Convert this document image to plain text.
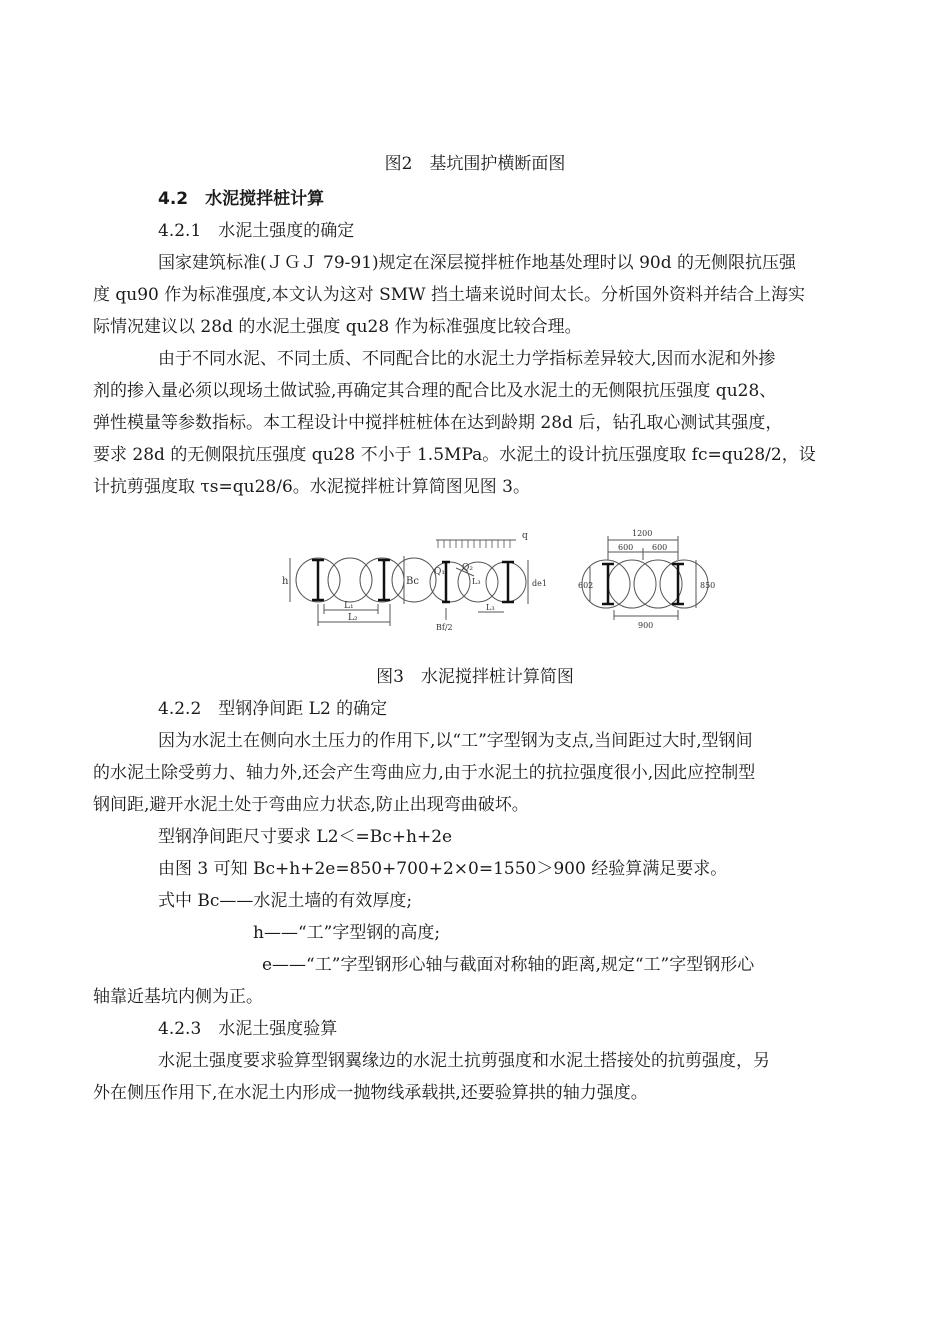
图2　基坑围护横断面图
4.2　水泥搅拌桩计算
4.2.1　水泥土强度的确定
国家建筑标准(ＪＧＪ 79-91)规定在深层搅拌桩作地基处理时以 90d 的无侧限抗压强
度 qu90 作为标准强度,本文认为这对 SMW 挡土墙来说时间太长。分析国外资料并结合上海实
际情况建议以 28d 的水泥土强度 qu28 作为标准强度比较合理。
由于不同水泥、不同土质、不同配合比的水泥土力学指标差异较大,因而水泥和外掺
剂的掺入量必须以现场土做试验,再确定其合理的配合比及水泥土的无侧限抗压强度 qu28、
弹性模量等参数指标。本工程设计中搅拌桩桩体在达到龄期 28d 后，钻孔取心测试其强度，
要求 28d 的无侧限抗压强度 qu28 不小于 1.5MPa。水泥土的设计抗压强度取 fc=qu28/2，设
计抗剪强度取 τs=qu28/6。水泥搅拌桩计算简图见图 3。
h	Bc
L₁
L₂
q
Q₁ Q₂
L₃
L₃
de1
Bf/2
1200
600 600
602	850
900
图3　水泥搅拌桩计算简图
4.2.2　型钢净间距 L2 的确定
因为水泥土在侧向水土压力的作用下,以“工”字型钢为支点,当间距过大时,型钢间
的水泥土除受剪力、轴力外,还会产生弯曲应力,由于水泥土的抗拉强度很小,因此应控制型
钢间距,避开水泥土处于弯曲应力状态,防止出现弯曲破坏。
型钢净间距尺寸要求 L2＜=Bc+h+2e
由图 3 可知 Bc+h+2e=850+700+2×0=1550＞900 经验算满足要求。
式中 Bc——水泥土墙的有效厚度;
h——“工”字型钢的高度;
e——“工”字型钢形心轴与截面对称轴的距离,规定“工”字型钢形心
轴靠近基坑内侧为正。
4.2.3　水泥土强度验算
水泥土强度要求验算型钢翼缘边的水泥土抗剪强度和水泥土搭接处的抗剪强度，另
外在侧压作用下,在水泥土内形成一抛物线承载拱,还要验算拱的轴力强度。
